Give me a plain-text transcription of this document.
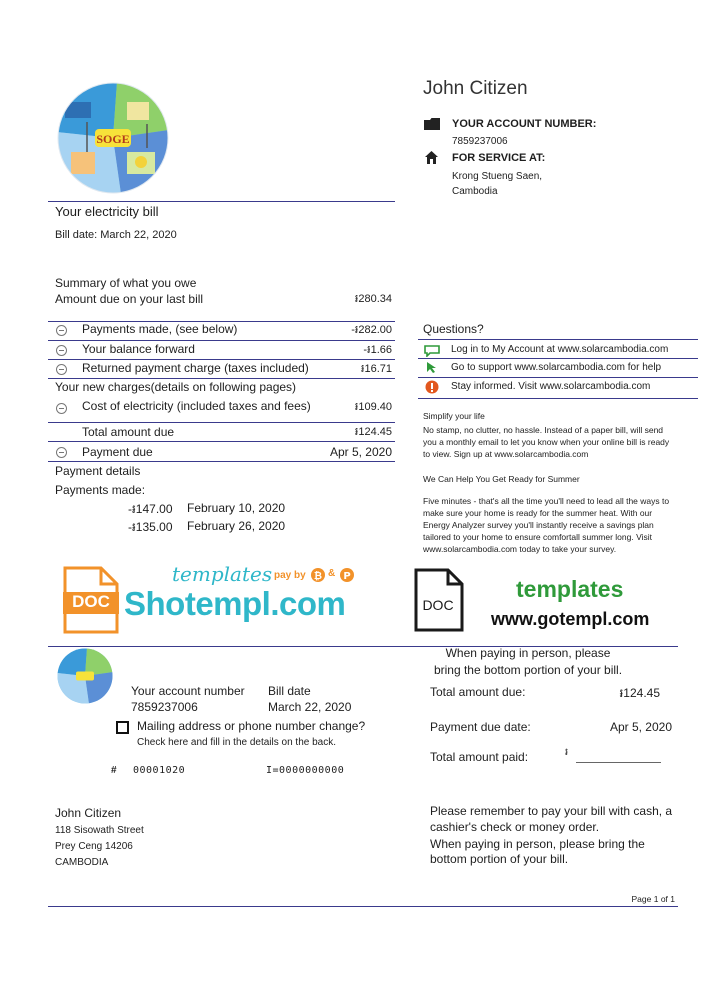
SOGE
John Citizen
YOUR ACCOUNT NUMBER:
7859237006
FOR SERVICE AT:
Krong Stueng Saen,
Cambodia
Your electricity bill
Bill date: March 22, 2020
Summary of what you owe
Amount due on your last bill	៛280.34
Payments made, (see below)	-៛282.00
Your balance forward	-៛1.66
Returned payment charge (taxes included)	៛16.71
Your new charges(details on following pages)
Cost of electricity (included taxes and fees)	៛109.40
Total amount due	៛124.45
Payment due	Apr 5, 2020
Payment details
Payments made:
-៛147.00 February 10, 2020
-៛135.00 February 26, 2020
Questions?
Log in to My Account at www.solarcambodia.com
Go to support www.solarcambodia.com for help
Stay informed. Visit www.solarcambodia.com
Simplify your life
No stamp, no clutter, no hassle. Instead of a paper bill, will send
you a monthly email to let you know when your online bill is ready
to view. Sign up at www.solarcambodia.com
We Can Help You Get Ready for Summer
Five minutes - that's all the time you'll need to lead all the ways to
make sure your home is ready for the summer heat. With our
Energy Analyzer survey you'll instantly receive a savings plan
tailored to your home to ensure comfortall summer long. Visit
www.solarcambodia.com today to take your survey.
DOC
templates pay by ₿ & P
Shotempl.com	DOC
templates
www.gotempl.com
Your account number
7859237006
Bill date
March 22, 2020
Mailing address or phone number change?
Check here and fill in the details on the back.
# 00001020	I=0000000000
John Citizen
118 Sisowath Street
Prey Ceng 14206
CAMBODIA
When paying in person, please
bring the bottom portion of your bill.
Total amount due:	៛124.45
Payment due date:	Apr 5, 2020
Total amount paid:	៛
Please remember to pay your bill with cash, a
cashier's check or money order.
When paying in person, please bring the
bottom portion of your bill.
Page 1 of 1
